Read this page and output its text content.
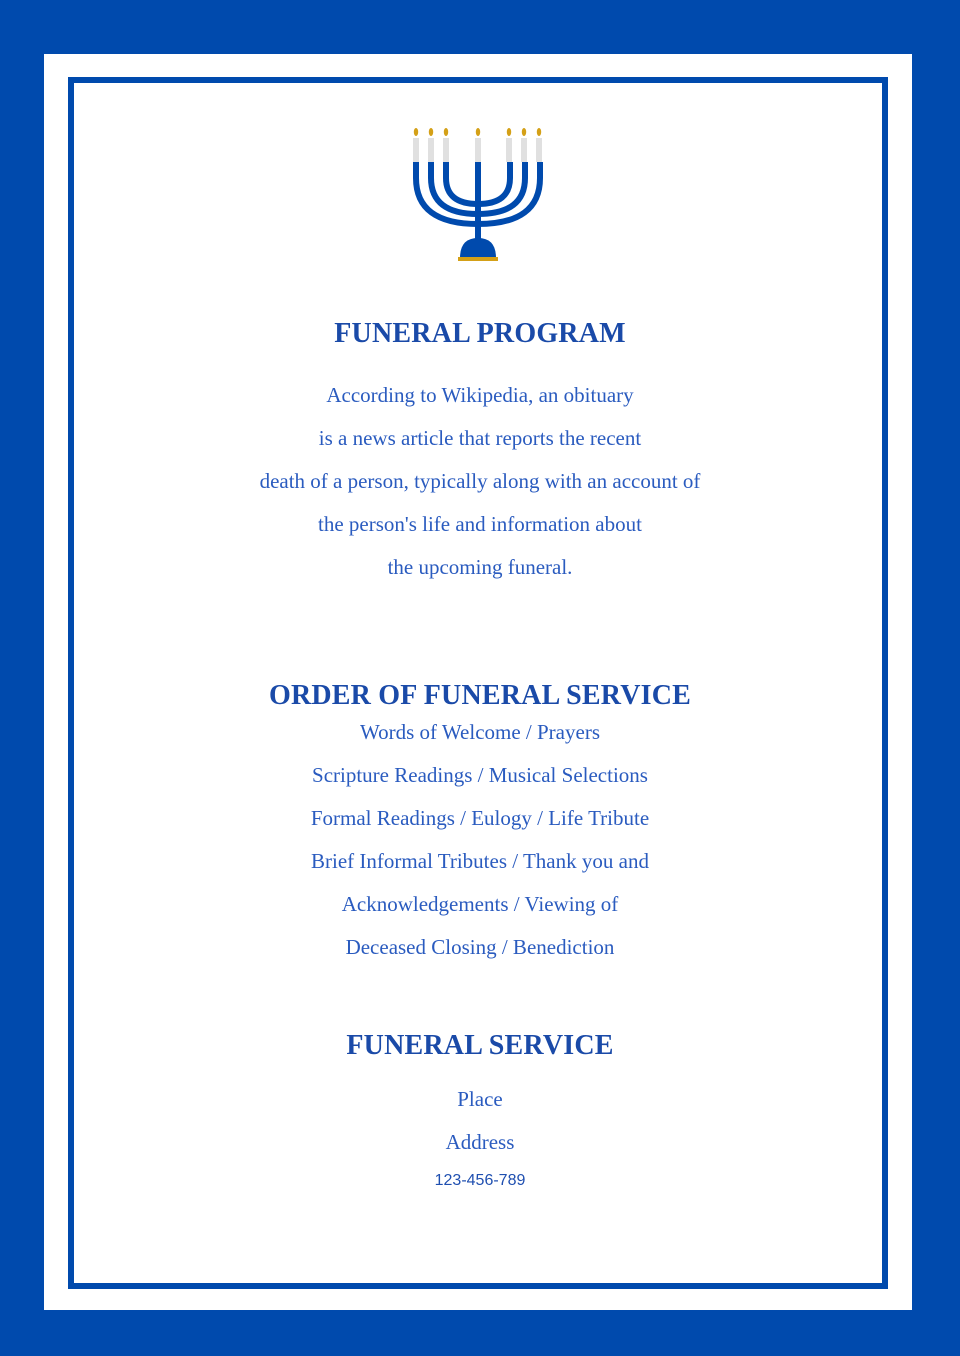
FUNERAL PROGRAM

According to Wikipedia, an obituary

is a news article that reports the recent

death of a person, typically along with an account of

the person's life and information about

the upcoming funeral.

ORDER OF FUNERAL SERVICE

Words of Welcome / Prayers

Scripture Readings / Musical Selections

Formal Readings / Eulogy / Life Tribute

Brief Informal Tributes / Thank you and

Acknowledgements / Viewing of

Deceased Closing / Benediction

FUNERAL SERVICE

Place

Address

123-456-789
